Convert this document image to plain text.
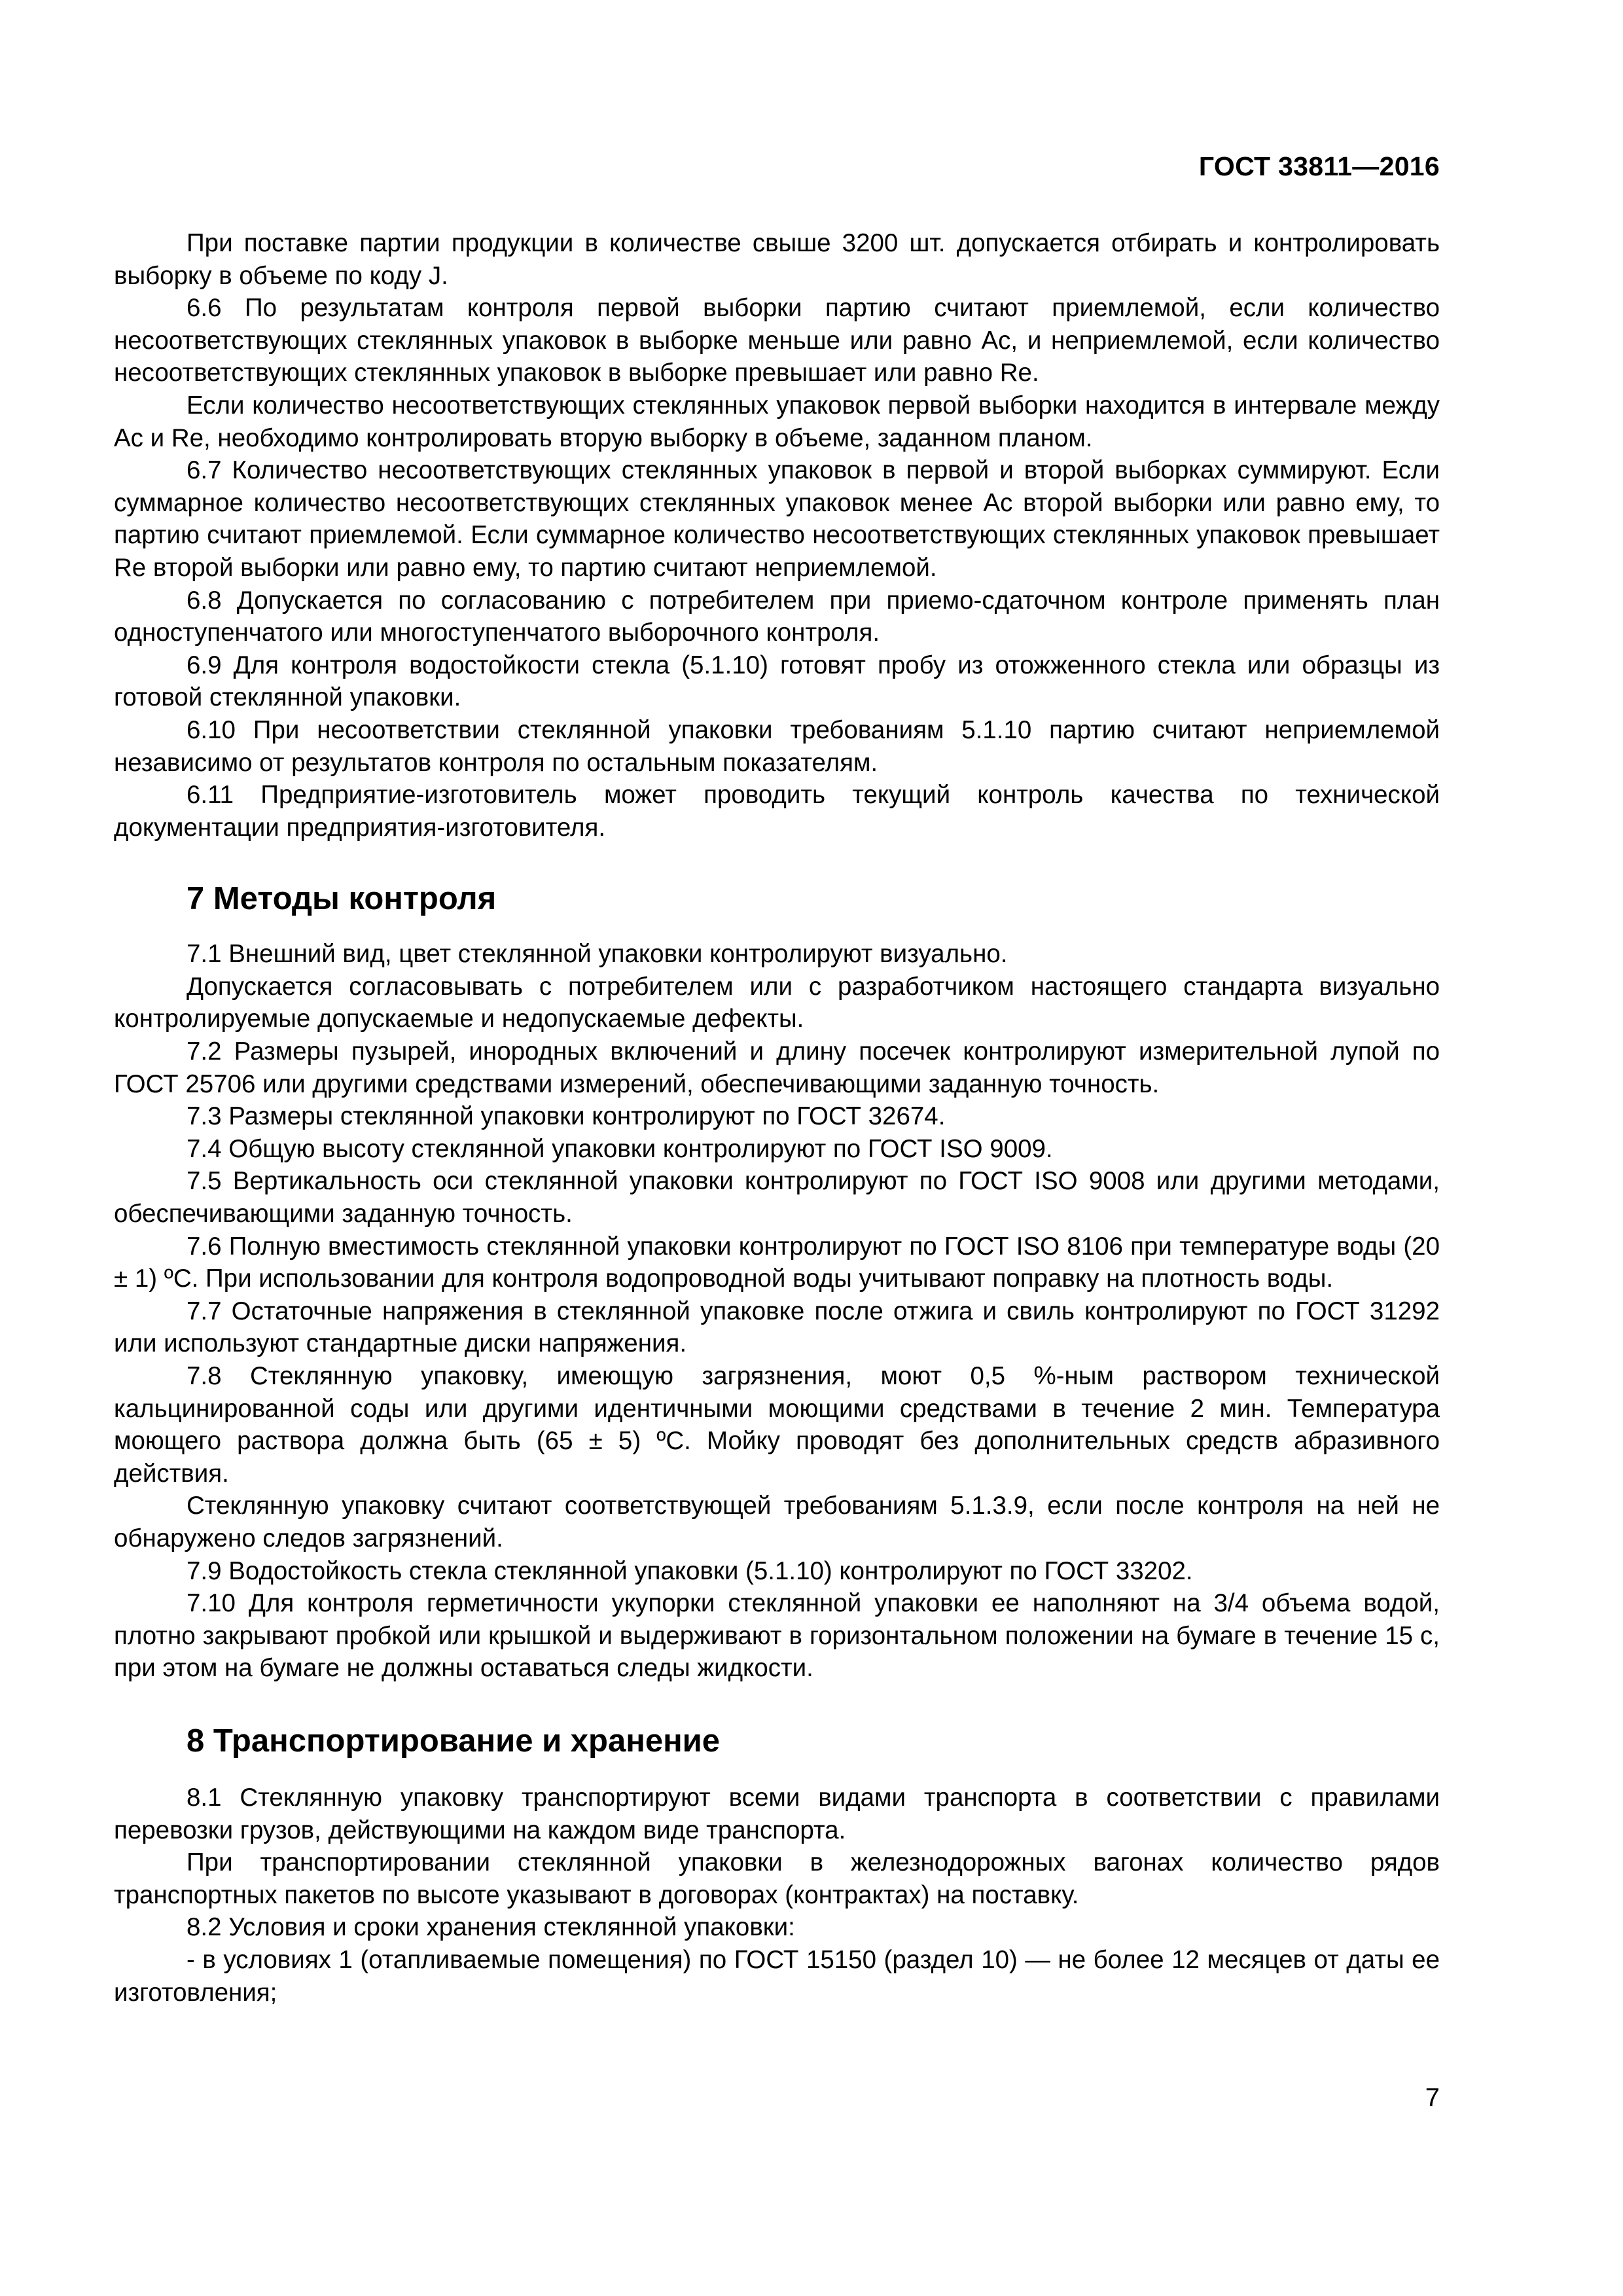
ГОСТ 33811—2016

При поставке партии продукции в количестве свыше 3200 шт. допускается отбирать и контролировать выборку в объеме по коду J.

6.6 По результатам контроля первой выборки партию считают приемлемой, если количество несоответствующих стеклянных упаковок в выборке меньше или равно Ac, и неприемлемой, если количество несоответствующих стеклянных упаковок в выборке превышает или равно Re.

Если количество несоответствующих стеклянных упаковок первой выборки находится в интервале между Ac и Re, необходимо контролировать вторую выборку в объеме, заданном планом.

6.7 Количество несоответствующих стеклянных упаковок в первой и второй выборках суммируют. Если суммарное количество несоответствующих стеклянных упаковок менее Ac второй выборки или равно ему, то партию считают приемлемой. Если суммарное количество несоответствующих стеклянных упаковок превышает Re второй выборки или равно ему, то партию считают неприемлемой.

6.8 Допускается по согласованию с потребителем при приемо-сдаточном контроле применять план одноступенчатого или многоступенчатого выборочного контроля.

6.9 Для контроля водостойкости стекла (5.1.10) готовят пробу из отожженного стекла или образцы из готовой стеклянной упаковки.

6.10 При несоответствии стеклянной упаковки требованиям 5.1.10 партию считают неприемлемой независимо от результатов контроля по остальным показателям.

6.11 Предприятие-изготовитель может проводить текущий контроль качества по технической документации предприятия-изготовителя.

7 Методы контроля

7.1 Внешний вид, цвет стеклянной упаковки контролируют визуально.

Допускается согласовывать с потребителем или с разработчиком настоящего стандарта визуально контролируемые допускаемые и недопускаемые дефекты.

7.2 Размеры пузырей, инородных включений и длину посечек контролируют измерительной лупой по ГОСТ 25706 или другими средствами измерений, обеспечивающими заданную точность.

7.3 Размеры стеклянной упаковки контролируют по ГОСТ 32674.

7.4 Общую высоту стеклянной упаковки контролируют по ГОСТ ISO 9009.

7.5 Вертикальность оси стеклянной упаковки контролируют по ГОСТ ISO 9008 или другими методами, обеспечивающими заданную точность.

7.6 Полную вместимость стеклянной упаковки контролируют по ГОСТ ISO 8106 при температуре воды (20 ± 1) ºС. При использовании для контроля водопроводной воды учитывают поправку на плотность воды.

7.7 Остаточные напряжения в стеклянной упаковке после отжига и свиль контролируют по ГОСТ 31292 или используют стандартные диски напряжения.

7.8 Стеклянную упаковку, имеющую загрязнения, моют 0,5 %-ным раствором технической кальцинированной соды или другими идентичными моющими средствами в течение 2 мин. Температура моющего раствора должна быть (65 ± 5) ºС. Мойку проводят без дополнительных средств абразивного действия.

Стеклянную упаковку считают соответствующей требованиям 5.1.3.9, если после контроля на ней не обнаружено следов загрязнений.

7.9 Водостойкость стекла стеклянной упаковки (5.1.10) контролируют по ГОСТ 33202.

7.10 Для контроля герметичности укупорки стеклянной упаковки ее наполняют на 3/4 объема водой, плотно закрывают пробкой или крышкой и выдерживают в горизонтальном положении на бумаге в течение 15 с, при этом на бумаге не должны оставаться следы жидкости.

8 Транспортирование и хранение

8.1 Стеклянную упаковку транспортируют всеми видами транспорта в соответствии с правилами перевозки грузов, действующими на каждом виде транспорта.

При транспортировании стеклянной упаковки в железнодорожных вагонах количество рядов транспортных пакетов по высоте указывают в договорах (контрактах) на поставку.

8.2 Условия и сроки хранения стеклянной упаковки:

- в условиях 1 (отапливаемые помещения) по ГОСТ 15150 (раздел 10) — не более 12 месяцев от даты ее изготовления;

7
